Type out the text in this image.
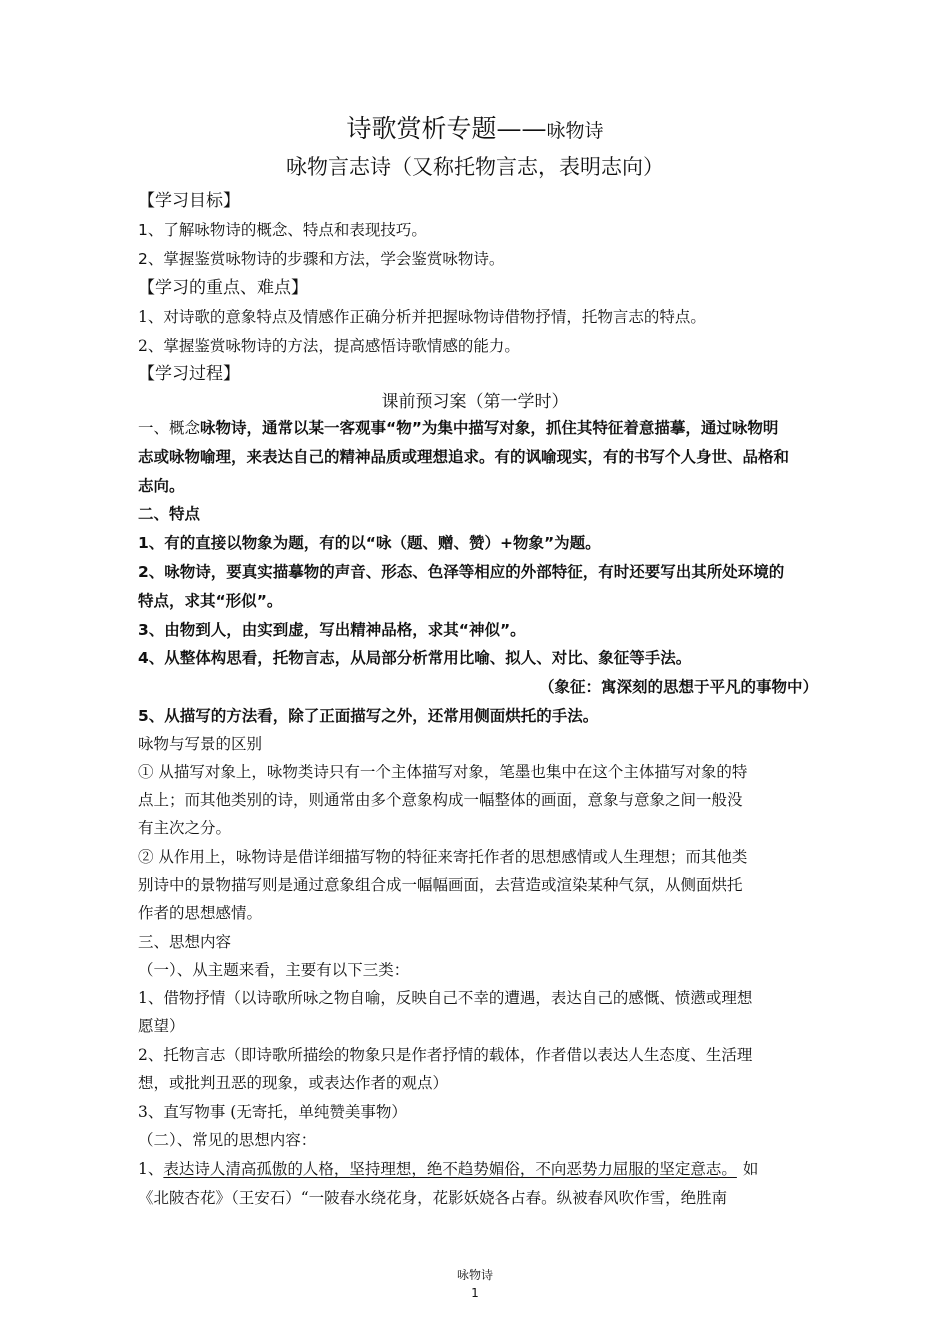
诗歌赏析专题——咏物诗
咏物言志诗（又称托物言志，表明志向）
【学习目标】
1、了解咏物诗的概念、特点和表现技巧。
2、掌握鉴赏咏物诗的步骤和方法，学会鉴赏咏物诗。
【学习的重点、难点】
1、对诗歌的意象特点及情感作正确分析并把握咏物诗借物抒情，托物言志的特点。
2、掌握鉴赏咏物诗的方法，提高感悟诗歌情感的能力。
【学习过程】
课前预习案（第一学时）
一、概念咏物诗，通常以某一客观事“物”为集中描写对象，抓住其特征着意描摹，通过咏物明
志或咏物喻理，来表达自己的精神品质或理想追求。有的讽喻现实，有的书写个人身世、品格和
志向。
二、特点
1、有的直接以物象为题，有的以“咏（题、赠、赞）+物象”为题。
2、咏物诗，要真实描摹物的声音、形态、色泽等相应的外部特征，有时还要写出其所处环境的
特点，求其“形似”。
3、由物到人，由实到虚，写出精神品格，求其“神似”。
4、从整体构思看，托物言志，从局部分析常用比喻、拟人、对比、象征等手法。
（象征：寓深刻的思想于平凡的事物中）
5、从描写的方法看，除了正面描写之外，还常用侧面烘托的手法。
咏物与写景的区别
① 从描写对象上，咏物类诗只有一个主体描写对象，笔墨也集中在这个主体描写对象的特
点上；而其他类别的诗，则通常由多个意象构成一幅整体的画面，意象与意象之间一般没
有主次之分。
② 从作用上，咏物诗是借详细描写物的特征来寄托作者的思想感情或人生理想；而其他类
别诗中的景物描写则是通过意象组合成一幅幅画面，去营造或渲染某种气氛，从侧面烘托
作者的思想感情。
三、思想内容
（一）、从主题来看，主要有以下三类：
1、借物抒情（以诗歌所咏之物自喻，反映自己不幸的遭遇，表达自己的感慨、愤懑或理想
愿望）
2、托物言志（即诗歌所描绘的物象只是作者抒情的载体，作者借以表达人生态度、生活理
想，或批判丑恶的现象，或表达作者的观点）
3、直写物事 (无寄托，单纯赞美事物）
（二）、常见的思想内容：
1、表达诗人清高孤傲的人格，坚持理想，绝不趋势媚俗，不向恶势力屈服的坚定意志。 如
《北陂杏花》（王安石）“一陂春水绕花身，花影妖娆各占春。纵被春风吹作雪，绝胜南
咏物诗
1
